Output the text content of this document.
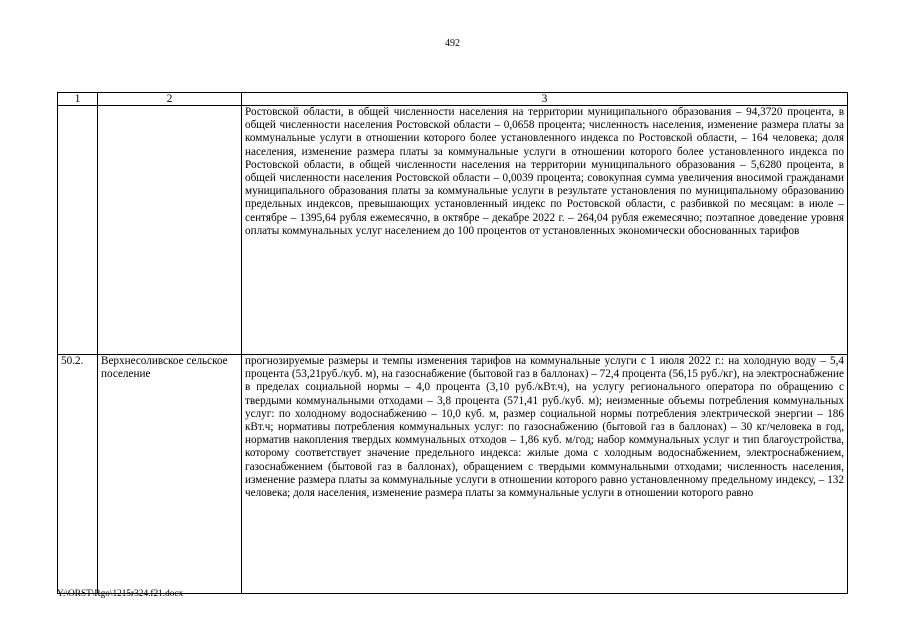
492
1	2	3
		Ростовской области, в общей численности населения на территории муниципального образования – 94,3720 процента, в общей численности населения Ростовской области – 0,0658 процента; численность населения, изменение размера платы за коммунальные услуги в отношении которого более установленного индекса по Ростовской области, – 164 человека; доля населения, изменение размера платы за коммунальные услуги в отношении которого более установленного индекса по Ростовской области, в общей численности населения на территории муниципального образования – 5,6280 процента, в общей численности населения Ростовской области – 0,0039 процента; совокупная сумма увеличения вносимой гражданами муниципального образования платы за коммунальные услуги в результате установления по муниципальному образованию предельных индексов, превышающих установленный индекс по Ростовской области, с разбивкой по месяцам: в июле – сентябре – 1395,64 рубля ежемесячно, в октябре – декабре 2022 г. – 264,04 рубля ежемесячно; поэтапное доведение уровня оплаты коммунальных услуг населением до 100 процентов от установленных экономически обоснованных тарифов
50.2.	Верхнесоливское сельское поселение	прогнозируемые размеры и темпы изменения тарифов на коммунальные услуги с 1 июля 2022 г.: на холодную воду – 5,4 процента (53,21руб./куб. м), на газоснабжение (бытовой газ в баллонах) – 72,4 процента (56,15 руб./кг), на электроснабжение в пределах социальной нормы – 4,0 процента (3,10 руб./кВт.ч), на услугу регионального оператора по обращению с твердыми коммунальными отходами – 3,8 процента (571,41 руб./куб. м); неизменные объемы потребления коммунальных услуг: по холодному водоснабжению – 10,0 куб. м, размер социальной нормы потребления электрической энергии – 186 кВт.ч; нормативы потребления коммунальных услуг: по газоснабжению (бытовой газ в баллонах) – 30 кг/человека в год, норматив накопления твердых коммунальных отходов – 1,86 куб. м/год; набор коммунальных услуг и тип благоустройства, которому соответствует значение предельного индекса: жилые дома с холодным водоснабжением, электроснабжением, газоснабжением (бытовой газ в баллонах), обращением с твердыми коммунальными отходами; численность населения, изменение размера платы за коммунальные услуги в отношении которого равно установленному предельному индексу, – 132 человека; доля населения, изменение размера платы за коммунальные услуги в отношении которого равно
Y:\ORST\Rgo\1215r324.f21.docx
